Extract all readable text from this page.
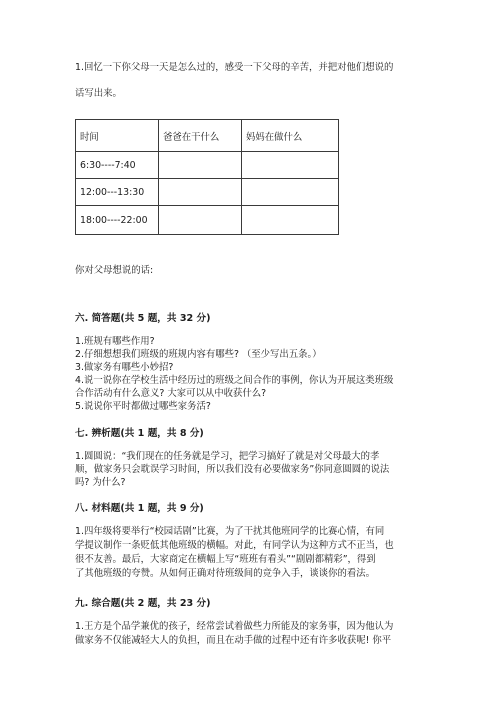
1.回忆一下你父母一天是怎么过的，感受一下父母的辛苦，并把对他们想说的
话写出来。
时间	爸爸在干什么	妈妈在做什么
6:30----7:40		
12:00---13:30		
18:00----22:00		
你对父母想说的话:
六. 简答题(共 5 题，共 32 分)
1.班规有哪些作用?
2.仔细想想我们班级的班规内容有哪些? （至少写出五条。）
3.做家务有哪些小妙招?
4.说一说你在学校生活中经历过的班级之间合作的事例，你认为开展这类班级
合作活动有什么意义? 大家可以从中收获什么?
5.说说你平时都做过哪些家务活?
七. 辨析题(共 1 题，共 8 分)
1.圆圆说：“我们现在的任务就是学习，把学习搞好了就是对父母最大的孝
顺，做家务只会耽误学习时间，所以我们没有必要做家务”你同意圆圆的说法
吗? 为什么?
八. 材料题(共 1 题，共 9 分)
1.四年级将要举行“校园话剧”比赛，为了干扰其他班同学的比赛心情，有同
学提议制作一条贬低其他班级的横幅。对此，有同学认为这种方式不正当，也
很不友善。最后，大家商定在横幅上写“班班有看头”“剧剧都精彩”，得到
了其他班级的夸赞。从如何正确对待班级间的竞争入手，谈谈你的看法。
九. 综合题(共 2 题，共 23 分)
1.王方是个品学兼优的孩子，经常尝试着做些力所能及的家务事，因为他认为
做家务不仅能减轻大人的负担，而且在动手做的过程中还有许多收获呢! 你平
